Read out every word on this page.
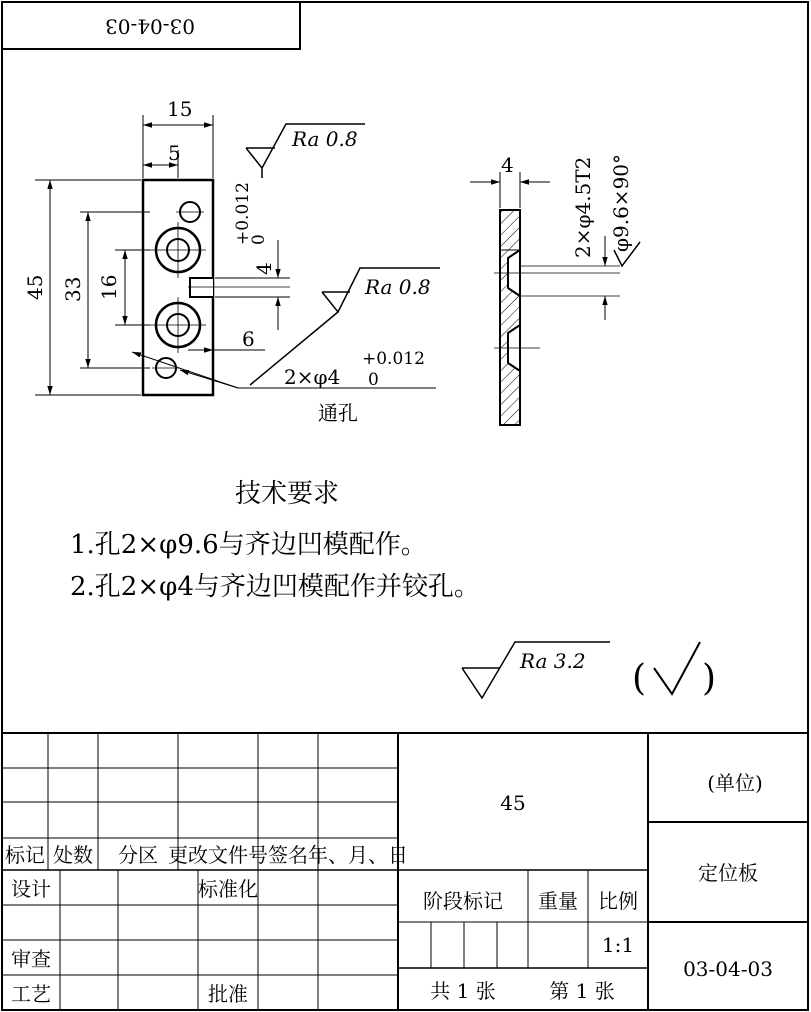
03-04-03
Ra 0.8
Ra 0.8
15
5
45 33 16
6
4
+0.012
0
2×φ4
+0.012
0
通孔
4	2×φ4.5T2 φ9.6×90°
技术要求
1.孔2×φ9.6与齐边凹模配作。
2.孔2×φ4与齐边凹模配作并铰孔。
Ra 3.2 ( )
标记 处数 分区 更改文件号 签名 年、月、日
设计	标准化
审查
工艺	批准
45
阶段标记 重量 比例
1:1
共 1 张	第 1 张
(单位)
定位板
03-04-03
